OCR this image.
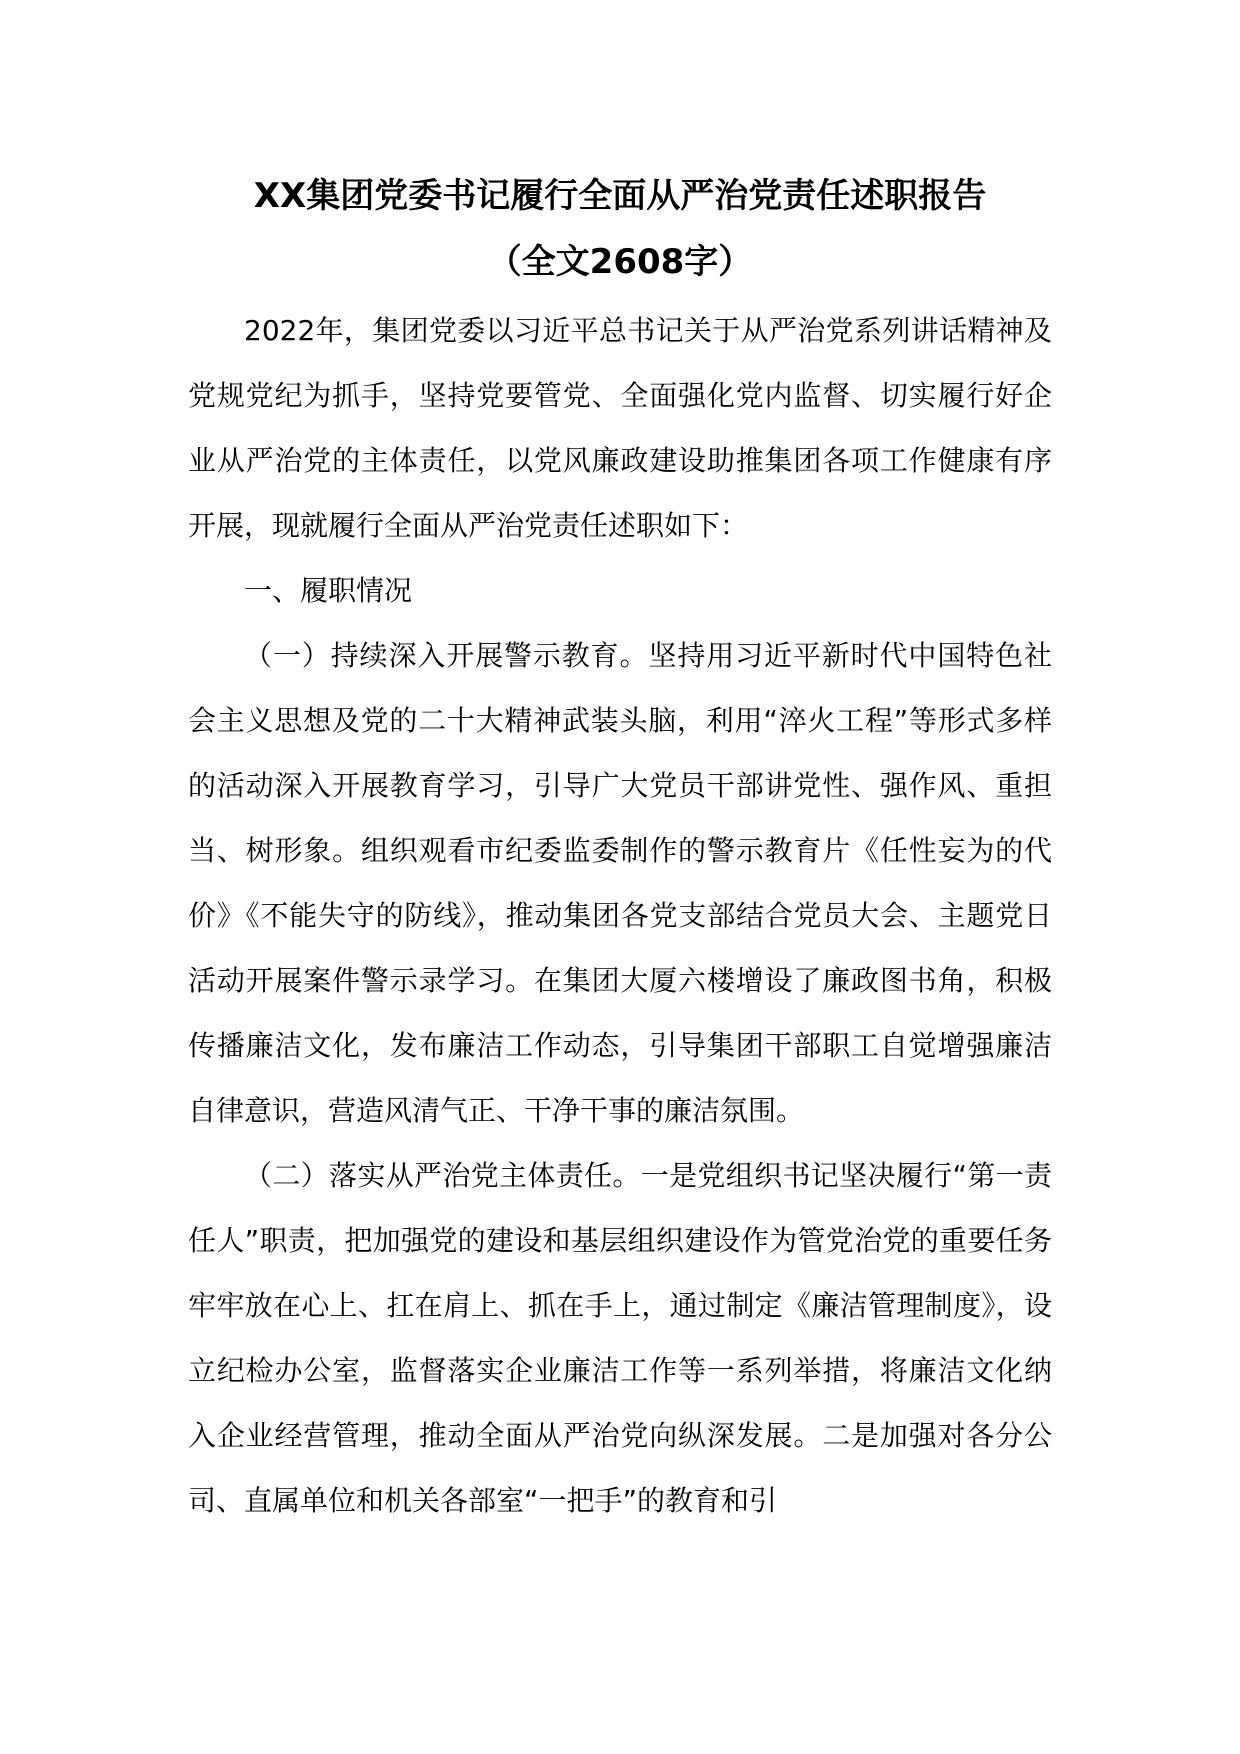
XX集团党委书记履行全面从严治党责任述职报告
（全文2608字）

2022年，集团党委以习近平总书记关于从严治党系列讲话精神及党规党纪为抓手，坚持党要管党、全面强化党内监督、切实履行好企业从严治党的主体责任，以党风廉政建设助推集团各项工作健康有序开展，现就履行全面从严治党责任述职如下：

一、履职情况

（一）持续深入开展警示教育。坚持用习近平新时代中国特色社会主义思想及党的二十大精神武装头脑，利用“淬火工程”等形式多样的活动深入开展教育学习，引导广大党员干部讲党性、强作风、重担当、树形象。组织观看市纪委监委制作的警示教育片《任性妄为的代价》《不能失守的防线》，推动集团各党支部结合党员大会、主题党日活动开展案件警示录学习。在集团大厦六楼增设了廉政图书角，积极传播廉洁文化，发布廉洁工作动态，引导集团干部职工自觉增强廉洁自律意识，营造风清气正、干净干事的廉洁氛围。

（二）落实从严治党主体责任。一是党组织书记坚决履行“第一责任人”职责，把加强党的建设和基层组织建设作为管党治党的重要任务牢牢放在心上、扛在肩上、抓在手上，通过制定《廉洁管理制度》，设立纪检办公室，监督落实企业廉洁工作等一系列举措，将廉洁文化纳入企业经营管理，推动全面从严治党向纵深发展。二是加强对各分公司、直属单位和机关各部室“一把手”的教育和引
